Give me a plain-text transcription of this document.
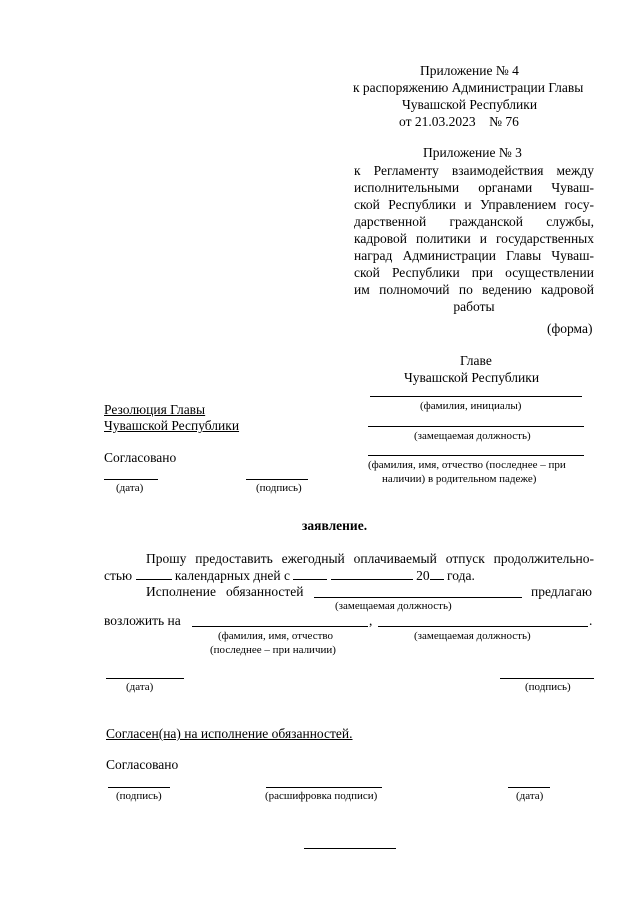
Приложение № 4
к распоряжению Администрации Главы
Чувашской Республики
от 21.03.2023    № 76
Приложение № 3
к Регламенту взаимодействия между
исполнительными органами Чуваш-
ской Республики и Управлением госу-
дарственной гражданской службы,
кадровой политики и государственных
наград Администрации Главы Чуваш-
ской Республики при осуществлении
им полномочий по ведению кадровой
работы
(форма)
Главе
Чувашской Республики
(фамилия, инициалы)
(замещаемая должность)
(фамилия, имя, отчество (последнее – при
наличии) в родительном падеже)
Резолюция Главы
Чувашской Республики
Согласовано
(дата)	(подпись)
заявление.
Прошу предоставить ежегодный оплачиваемый отпуск продолжительно-
стью	календарных дней с	20 года.
Исполнение   обязанностей	предлагаю
(замещаемая должность)
возложить на	,	.
(фамилия, имя, отчество
(последнее – при наличии)
(замещаемая должность)
(дата)	(подпись)
Согласен(на) на исполнение обязанностей.
Согласовано
(подпись)	(расшифровка подписи)	(дата)
